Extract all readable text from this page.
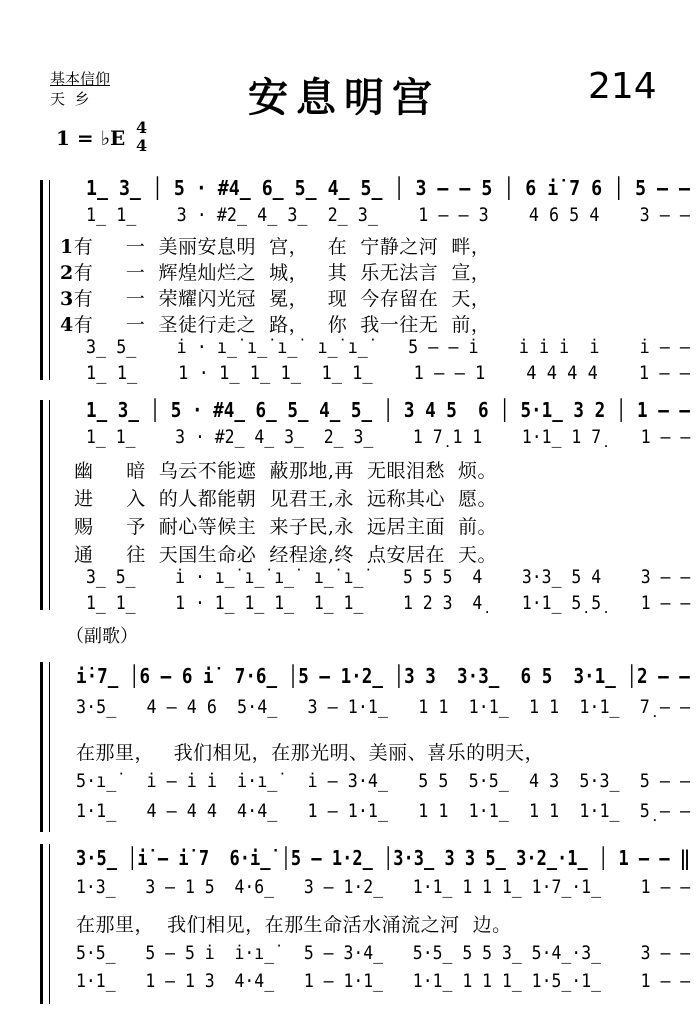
基本信仰
天  乡	安息明宫	214
1 = ♭E 4
4
1̲ 3̲ │ 5 · #4̲ 6̲ 5̲ 4̲ 5̲ │ 3 — — 5 │ 6 i̇ 7 6 │ 5 — —
1̲ 1̲    3 · #2̲ 4̲ 3̲  2̲ 3̲    1 — — 3    4 6 5 4    3 — —
1有     一  美丽安息明  宫，   在  宁静之河  畔，
2有     一  辉煌灿烂之  城，   其  乐无法言  宣，
3有     一  荣耀闪光冠  冕，   现  今存留在  天，
4有     一  圣徒行走之  路，   你  我一往无  前，
3̲ 5̲    i̇ · i̲̇ i̲̇ i̲̇  i̲̇ i̲̇    5 — — i̇    i̇ i̇ i̇  i̇    i̇ — —
1̲ 1̲    1 · 1̲ 1̲ 1̲  1̲ 1̲    1 — — 1    4 4 4 4    1 — —
1̲ 3̲ │ 5 · #4̲ 6̲ 5̲ 4̲ 5̲ │ 3 4 5  6 │ 5·1̲ 3 2 │ 1 — —
1̲ 1̲    3 · #2̲ 4̲ 3̲  2̲ 3̲    1 7̣ 1 1    1·1̲ 1 7̣    1 — —
幽     暗  乌云不能遮  蔽那地,再  无眼泪愁  烦。
进     入  的人都能朝  见君王,永  远称其心  愿。
赐     予  耐心等候主  来子民,永  远居主面  前。
通     往  天国生命必  经程途,终  点安居在  天。
3̲ 5̲    i̇ · i̲̇ i̲̇ i̲̇  i̲̇ i̲̇    5 5 5  4    3·3̲ 5 4    3 — —
1̲ 1̲    1 · 1̲ 1̲ 1̲  1̲ 1̲    1 2 3  4̣    1·1̲ 5̣ 5̣    1 — —
（副歌）
i̇·7̲ │6 — 6 i̇  7·6̲ │5 — 1·2̲ │3 3  3·3̲  6 5  3·1̲ │2 — —
3·5̲   4 — 4 6  5·4̲   3 — 1·1̲   1 1  1·1̲  1 1  1·1̲  7̣ — —
在那里，   我们相见，在那光明、美丽、喜乐的明天，
5·i̲̇   i̇ — i̇ i̇  i̇·i̲̇   i̇ — 3·4̲   5 5  5·5̲  4 3  5·3̲  5 — —
1·1̲   4 — 4 4  4·4̲   1 — 1·1̲   1 1  1·1̲  1 1  1·1̲  5̣ — —
3·5̲ │i̇ — i̇ 7  6·i̲̇ │5 — 1·2̲ │3·3̲ 3 3 5̲ 3·2̲·1̲ │ 1 — — ‖
1·3̲   3 — 1 5  4·6̲   3 — 1·2̲   1·1̲ 1 1 1̲ 1·7̲·1̲    1 — —
在那里，  我们相见，在那生命活水涌流之河  边。
5·5̲   5 — 5 i̇  i̇·i̲̇   5 — 3·4̲   5·5̲ 5 5 3̲ 5·4̲·3̲    3 — —
1·1̲   1 — 1 3  4·4̲   1 — 1·1̲   1·1̲ 1 1 1̲ 1·5̲·1̲    1 — —
